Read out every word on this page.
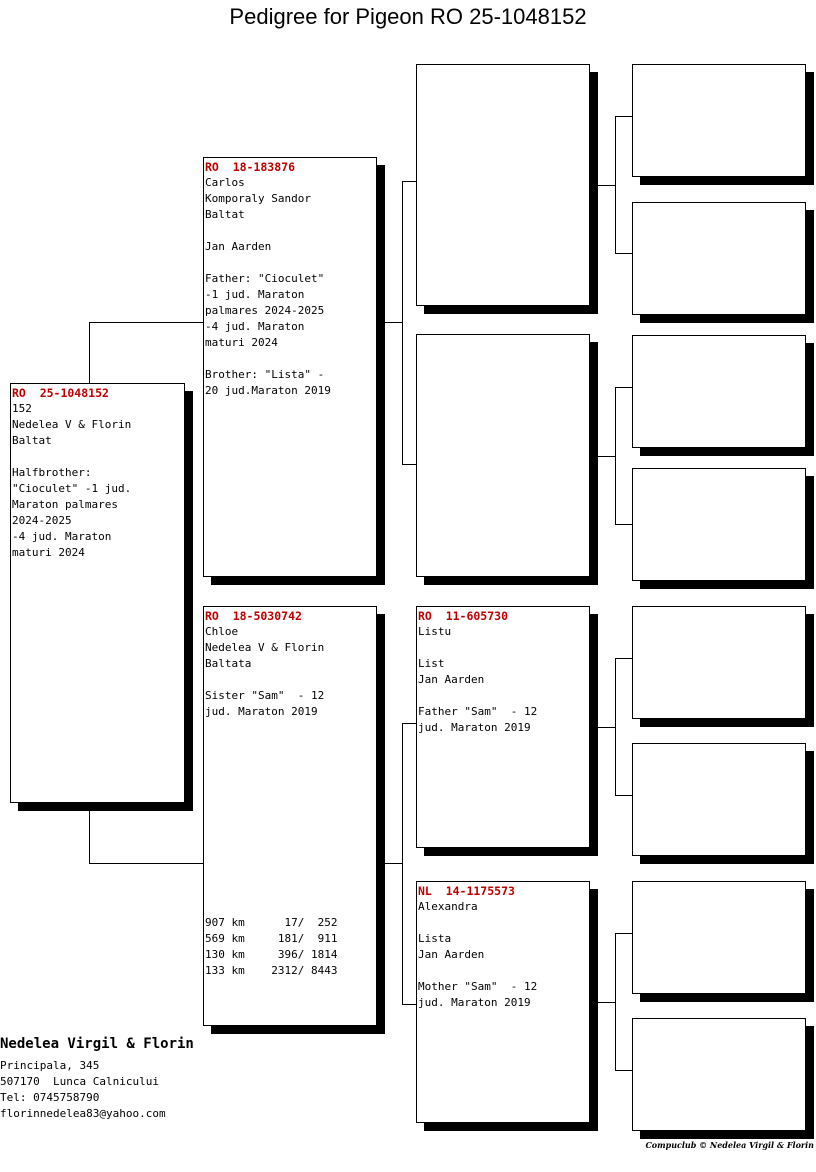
Pedigree for Pigeon RO 25-1048152
RO  25-1048152
152
Nedelea V & Florin
Baltat

Halfbrother:
"Cioculet" -1 jud.
Maraton palmares
2024-2025
-4 jud. Maraton
maturi 2024
RO  18-183876
Carlos
Komporaly Sandor
Baltat

Jan Aarden

Father: "Cioculet"
-1 jud. Maraton
palmares 2024-2025
-4 jud. Maraton
maturi 2024

Brother: "Lista" -
20 jud.Maraton 2019
RO  18-5030742
Chloe
Nedelea V & Florin
Baltata

Sister "Sam"  - 12
jud. Maraton 2019
907 km      17/  252
569 km     181/  911
130 km     396/ 1814
133 km    2312/ 8443
RO  11-605730
Listu

List
Jan Aarden

Father "Sam"  - 12
jud. Maraton 2019
NL  14-1175573
Alexandra

Lista
Jan Aarden

Mother "Sam"  - 12
jud. Maraton 2019
Nedelea Virgil & Florin
Principala, 345
507170  Lunca Calnicului
Tel: 0745758790
florinnedelea83@yahoo.com
Compuclub © Nedelea Virgil & Florin
